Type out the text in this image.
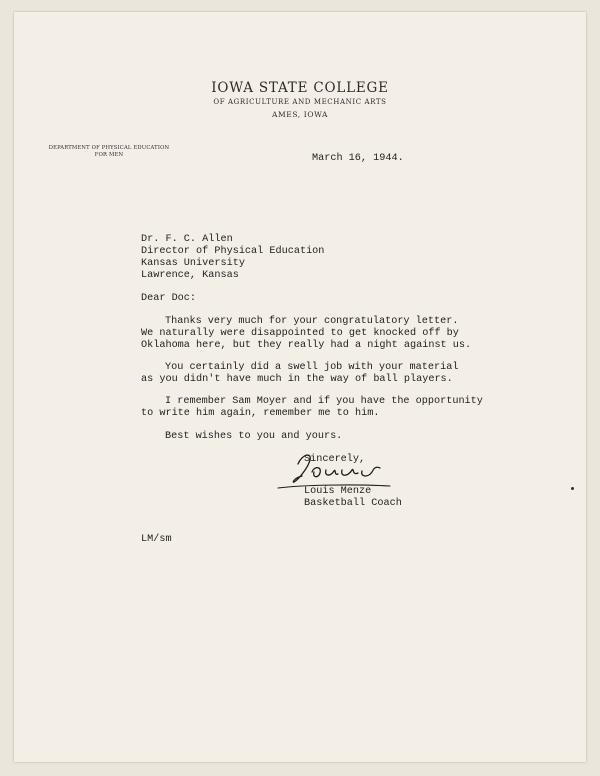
IOWA STATE COLLEGE
OF AGRICULTURE AND MECHANIC ARTS
AMES, IOWA
DEPARTMENT OF PHYSICAL EDUCATION
FOR MEN	March 16, 1944.
Dr. F. C. Allen
Director of Physical Education
Kansas University
Lawrence, Kansas
Dear Doc:
Thanks very much for your congratulatory letter.
We naturally were disappointed to get knocked off by
Oklahoma here, but they really had a night against us.
You certainly did a swell job with your material
as you didn't have much in the way of ball players.
I remember Sam Moyer and if you have the opportunity
to write him again, remember me to him.
Best wishes to you and yours.
Sincerely,
Louis Menze
Basketball Coach
LM/sm
